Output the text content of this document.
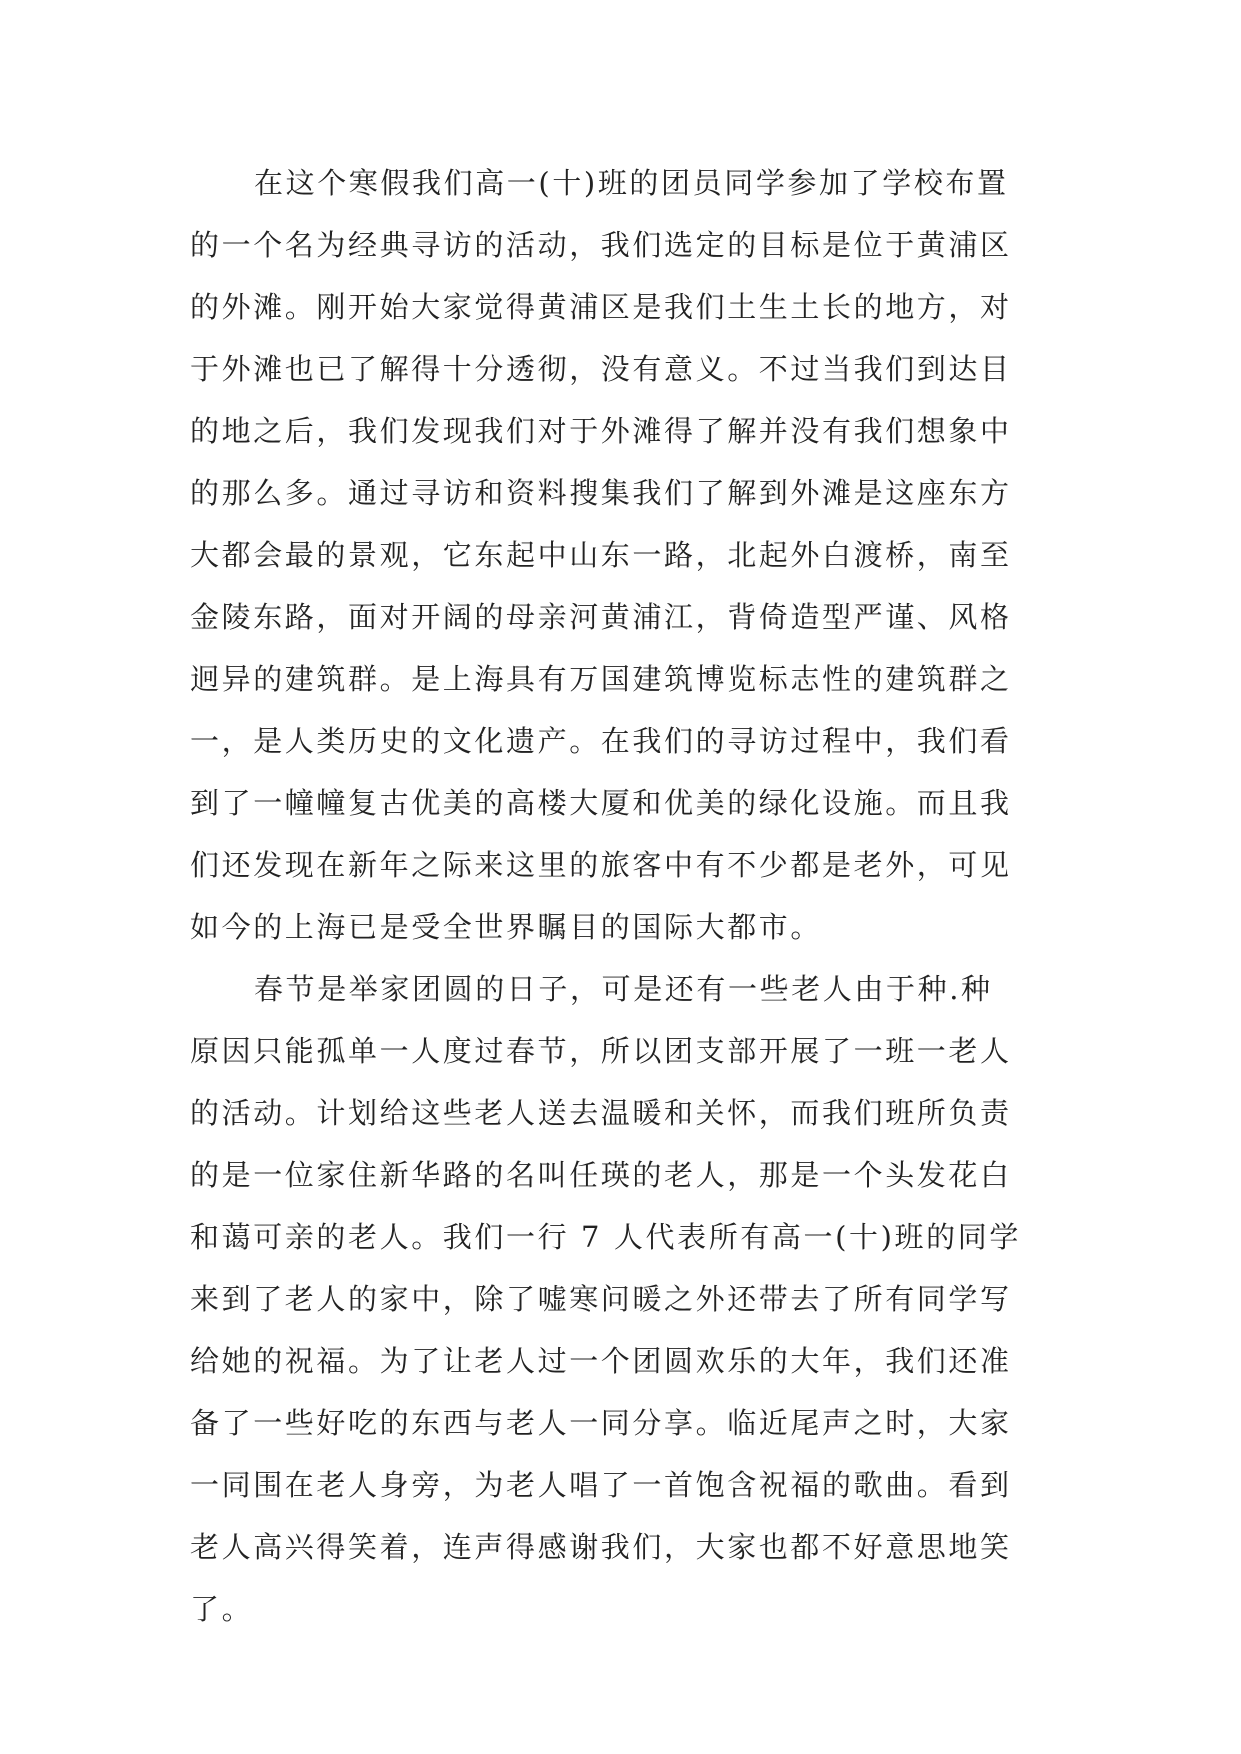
在这个寒假我们高一(十)班的团员同学参加了学校布置
的一个名为经典寻访的活动，我们选定的目标是位于黄浦区
的外滩。刚开始大家觉得黄浦区是我们土生土长的地方，对
于外滩也已了解得十分透彻，没有意义。不过当我们到达目
的地之后，我们发现我们对于外滩得了解并没有我们想象中
的那么多。通过寻访和资料搜集我们了解到外滩是这座东方
大都会最的景观，它东起中山东一路，北起外白渡桥，南至
金陵东路，面对开阔的母亲河黄浦江，背倚造型严谨、风格
迥异的建筑群。是上海具有万国建筑博览标志性的建筑群之
一，是人类历史的文化遗产。在我们的寻访过程中，我们看
到了一幢幢复古优美的高楼大厦和优美的绿化设施。而且我
们还发现在新年之际来这里的旅客中有不少都是老外，可见
如今的上海已是受全世界瞩目的国际大都市。
春节是举家团圆的日子，可是还有一些老人由于种.种
原因只能孤单一人度过春节，所以团支部开展了一班一老人
的活动。计划给这些老人送去温暖和关怀，而我们班所负责
的是一位家住新华路的名叫任瑛的老人，那是一个头发花白
和蔼可亲的老人。我们一行 7 人代表所有高一(十)班的同学
来到了老人的家中，除了嘘寒问暖之外还带去了所有同学写
给她的祝福。为了让老人过一个团圆欢乐的大年，我们还准
备了一些好吃的东西与老人一同分享。临近尾声之时，大家
一同围在老人身旁，为老人唱了一首饱含祝福的歌曲。看到
老人高兴得笑着，连声得感谢我们，大家也都不好意思地笑
了。
